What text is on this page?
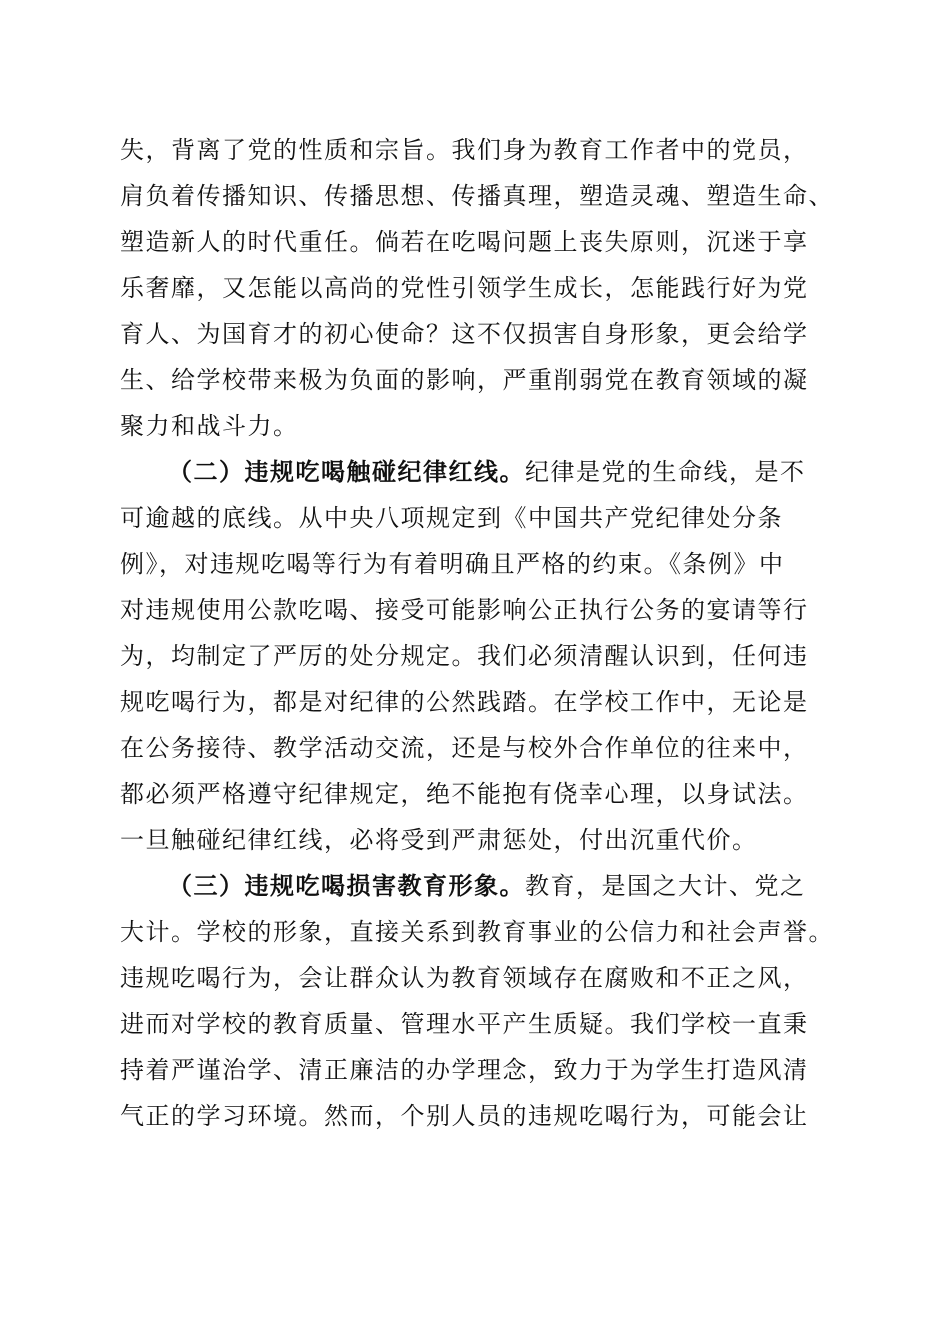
失，背离了党的性质和宗旨。我们身为教育工作者中的党员，
肩负着传播知识、传播思想、传播真理，塑造灵魂、塑造生命、
塑造新人的时代重任。倘若在吃喝问题上丧失原则，沉迷于享
乐奢靡，又怎能以高尚的党性引领学生成长，怎能践行好为党
育人、为国育才的初心使命？这不仅损害自身形象，更会给学
生、给学校带来极为负面的影响，严重削弱党在教育领域的凝
聚力和战斗力。
（二）违规吃喝触碰纪律红线。纪律是党的生命线，是不
可逾越的底线。从中央八项规定到《中国共产党纪律处分条
例》，对违规吃喝等行为有着明确且严格的约束。《条例》中
对违规使用公款吃喝、接受可能影响公正执行公务的宴请等行
为，均制定了严厉的处分规定。我们必须清醒认识到，任何违
规吃喝行为，都是对纪律的公然践踏。在学校工作中，无论是
在公务接待、教学活动交流，还是与校外合作单位的往来中，
都必须严格遵守纪律规定，绝不能抱有侥幸心理，以身试法。
一旦触碰纪律红线，必将受到严肃惩处，付出沉重代价。
（三）违规吃喝损害教育形象。教育，是国之大计、党之
大计。学校的形象，直接关系到教育事业的公信力和社会声誉。
违规吃喝行为，会让群众认为教育领域存在腐败和不正之风，
进而对学校的教育质量、管理水平产生质疑。我们学校一直秉
持着严谨治学、清正廉洁的办学理念，致力于为学生打造风清
气正的学习环境。然而，个别人员的违规吃喝行为，可能会让
